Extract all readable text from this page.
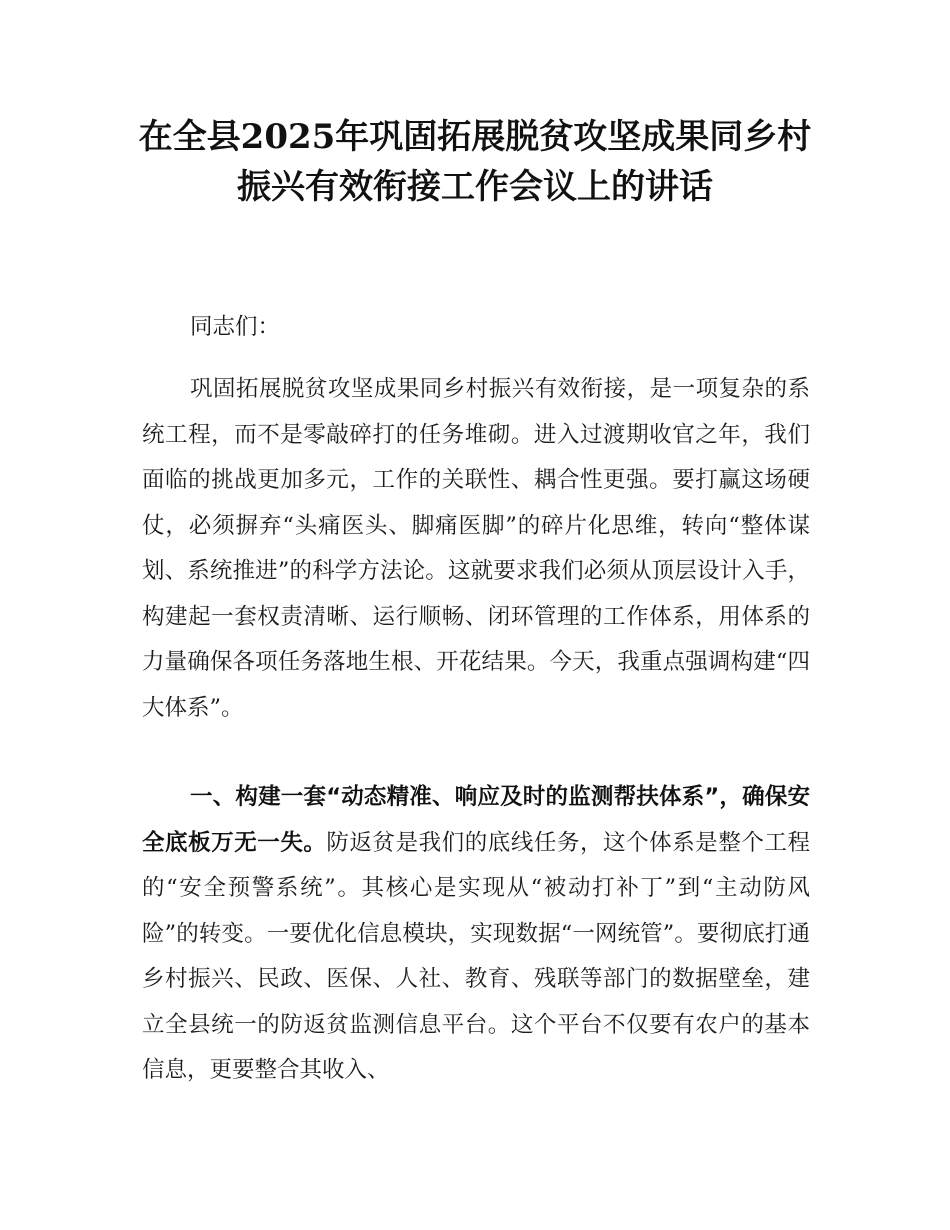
在全县2025年巩固拓展脱贫攻坚成果同乡村
振兴有效衔接工作会议上的讲话
同志们：

巩固拓展脱贫攻坚成果同乡村振兴有效衔接，是一项复杂的系统工程，而不是零敲碎打的任务堆砌。进入过渡期收官之年，我们面临的挑战更加多元，工作的关联性、耦合性更强。要打赢这场硬仗，必须摒弃“头痛医头、脚痛医脚”的碎片化思维，转向“整体谋划、系统推进”的科学方法论。这就要求我们必须从顶层设计入手，构建起一套权责清晰、运行顺畅、闭环管理的工作体系，用体系的力量确保各项任务落地生根、开花结果。今天，我重点强调构建“四大体系”。

一、构建一套“动态精准、响应及时的监测帮扶体系”，确保安全底板万无一失。防返贫是我们的底线任务，这个体系是整个工程的“安全预警系统”。其核心是实现从“被动打补丁”到“主动防风险”的转变。一要优化信息模块，实现数据“一网统管”。要彻底打通乡村振兴、民政、医保、人社、教育、残联等部门的数据壁垒，建立全县统一的防返贫监测信息平台。这个平台不仅要有农户的基本信息，更要整合其收入、
